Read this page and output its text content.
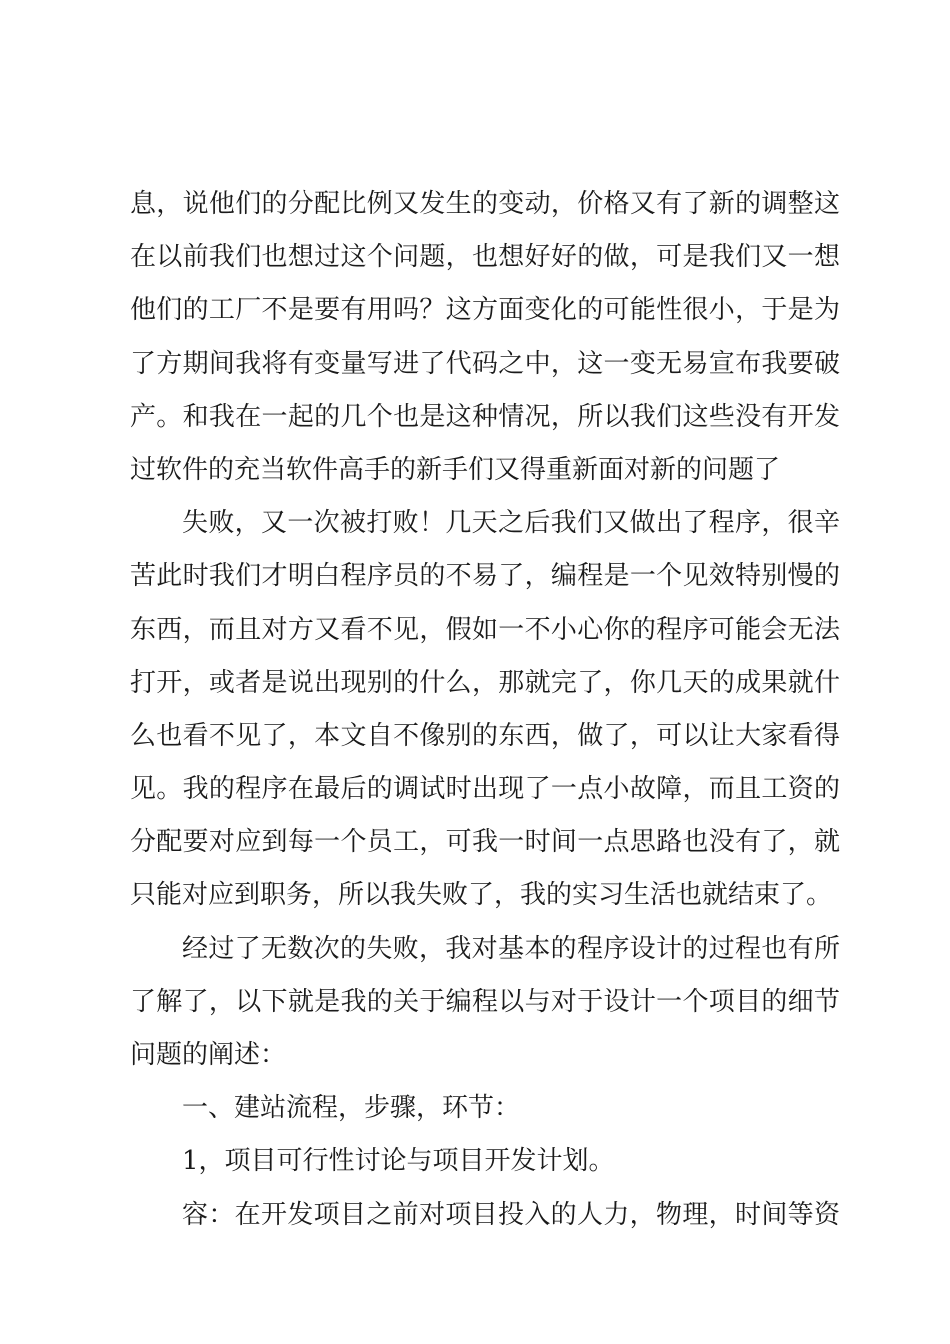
息，说他们的分配比例又发生的变动，价格又有了新的调整这
在以前我们也想过这个问题，也想好好的做，可是我们又一想
他们的工厂不是要有用吗？这方面变化的可能性很小，于是为
了方期间我将有变量写进了代码之中，这一变无易宣布我要破
产。和我在一起的几个也是这种情况，所以我们这些没有开发
过软件的充当软件高手的新手们又得重新面对新的问题了
失败，又一次被打败！几天之后我们又做出了程序，很辛
苦此时我们才明白程序员的不易了，编程是一个见效特别慢的
东西，而且对方又看不见，假如一不小心你的程序可能会无法
打开，或者是说出现别的什么，那就完了，你几天的成果就什
么也看不见了，本文自不像别的东西，做了，可以让大家看得
见。我的程序在最后的调试时出现了一点小故障，而且工资的
分配要对应到每一个员工，可我一时间一点思路也没有了，就
只能对应到职务，所以我失败了，我的实习生活也就结束了。
经过了无数次的失败，我对基本的程序设计的过程也有所
了解了，以下就是我的关于编程以与对于设计一个项目的细节
问题的阐述：
一、建站流程，步骤，环节：
1，项目可行性讨论与项目开发计划。
容：在开发项目之前对项目投入的人力，物理，时间等资
